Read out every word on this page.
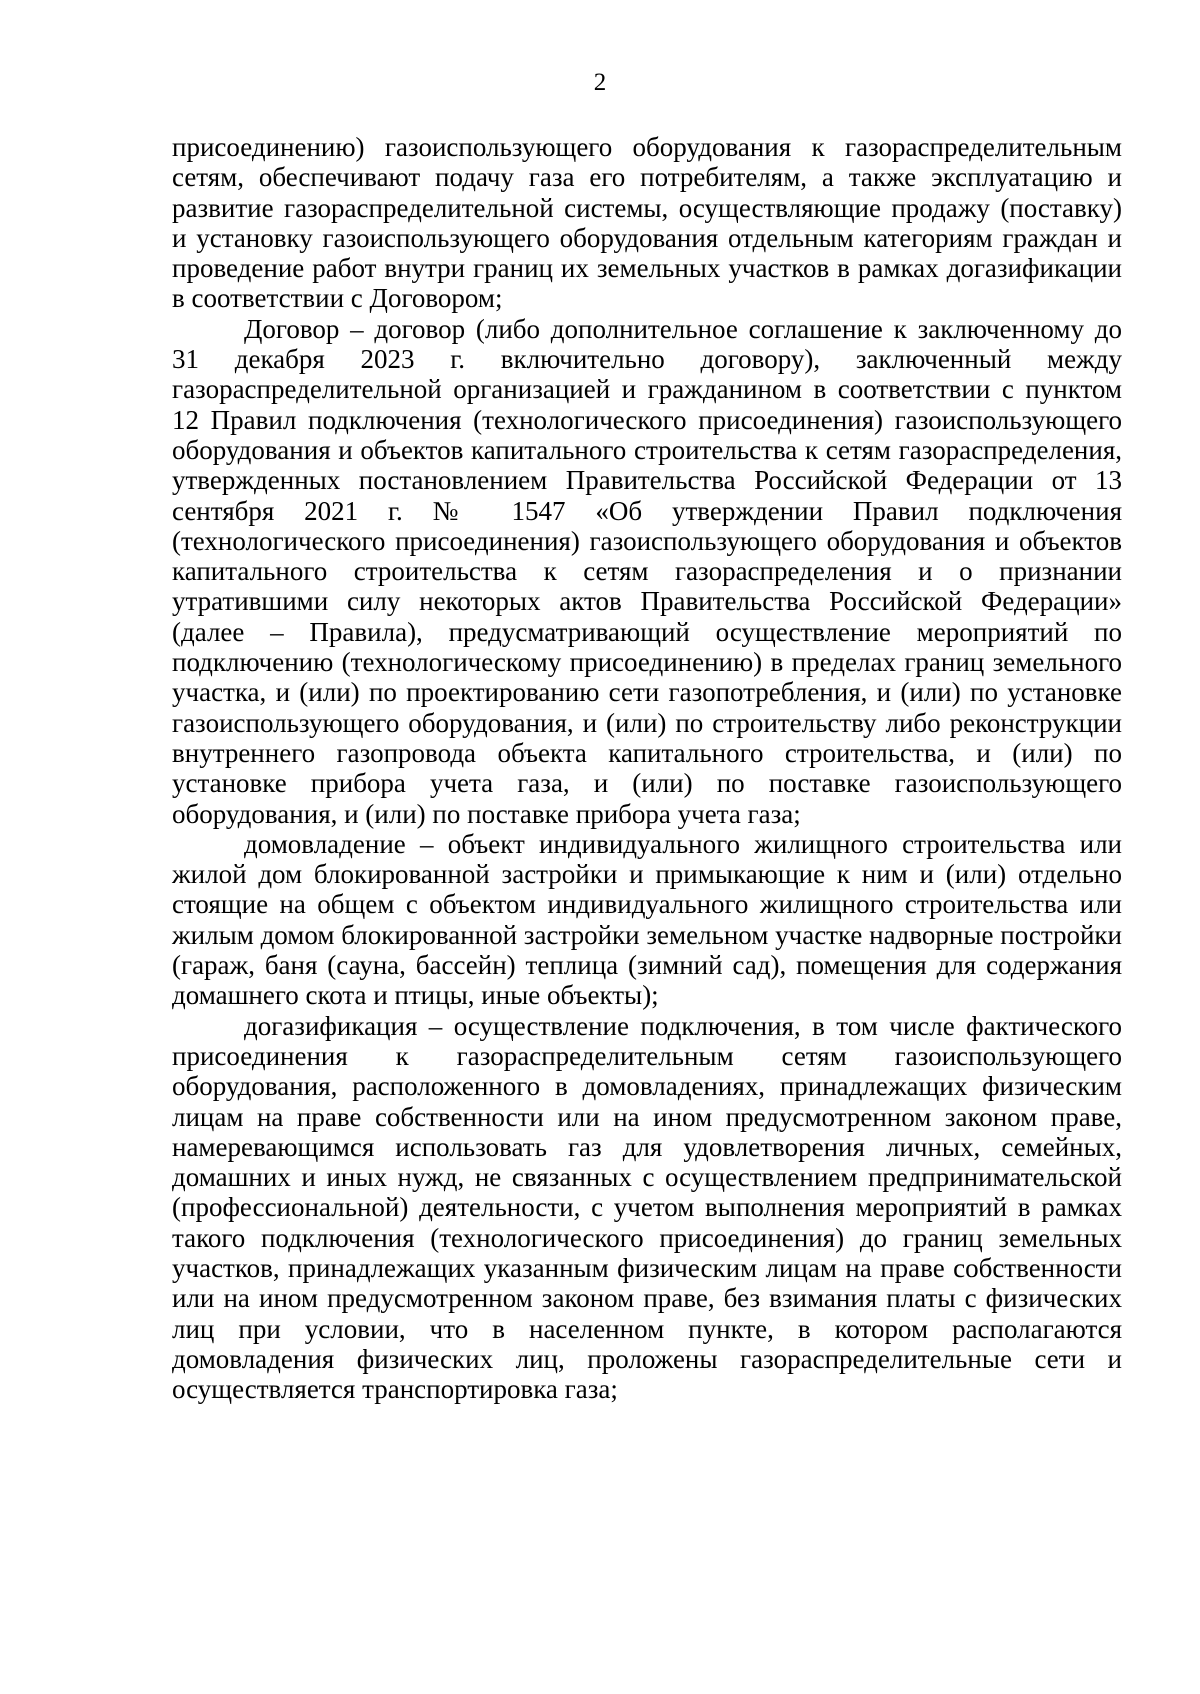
2

присоединению) газоиспользующего оборудования к газораспределительным сетям, обеспечивают подачу газа его потребителям, а также эксплуатацию и развитие газораспределительной системы, осуществляющие продажу (поставку) и установку газоиспользующего оборудования отдельным категориям граждан и проведение работ внутри границ их земельных участков в рамках догазификации в соответствии с Договором;

Договор – договор (либо дополнительное соглашение к заключенному до 31 декабря 2023 г. включительно договору), заключенный между газораспределительной организацией и гражданином в соответствии с пунктом 12 Правил подключения (технологического присоединения) газоиспользующего оборудования и объектов капитального строительства к сетям газораспределения, утвержденных постановлением Правительства Российской Федерации от 13 сентября 2021 г. № 1547 «Об утверждении Правил подключения (технологического присоединения) газоиспользующего оборудования и объектов капитального строительства к сетям газораспределения и о признании утратившими силу некоторых актов Правительства Российской Федерации» (далее – Правила), предусматривающий осуществление мероприятий по подключению (технологическому присоединению) в пределах границ земельного участка, и (или) по проектированию сети газопотребления, и (или) по установке газоиспользующего оборудования, и (или) по строительству либо реконструкции внутреннего газопровода объекта капитального строительства, и (или) по установке прибора учета газа, и (или) по поставке газоиспользующего оборудования, и (или) по поставке прибора учета газа;

домовладение – объект индивидуального жилищного строительства или жилой дом блокированной застройки и примыкающие к ним и (или) отдельно стоящие на общем с объектом индивидуального жилищного строительства или жилым домом блокированной застройки земельном участке надворные постройки (гараж, баня (сауна, бассейн) теплица (зимний сад), помещения для содержания домашнего скота и птицы, иные объекты);

догазификация – осуществление подключения, в том числе фактического присоединения к газораспределительным сетям газоиспользующего оборудования, расположенного в домовладениях, принадлежащих физическим лицам на праве собственности или на ином предусмотренном законом праве, намеревающимся использовать газ для удовлетворения личных, семейных, домашних и иных нужд, не связанных с осуществлением предпринимательской (профессиональной) деятельности, с учетом выполнения мероприятий в рамках такого подключения (технологического присоединения) до границ земельных участков, принадлежащих указанным физическим лицам на праве собственности или на ином предусмотренном законом праве, без взимания платы с физических лиц при условии, что в населенном пункте, в котором располагаются домовладения физических лиц, проложены газораспределительные сети и осуществляется транспортировка газа;
